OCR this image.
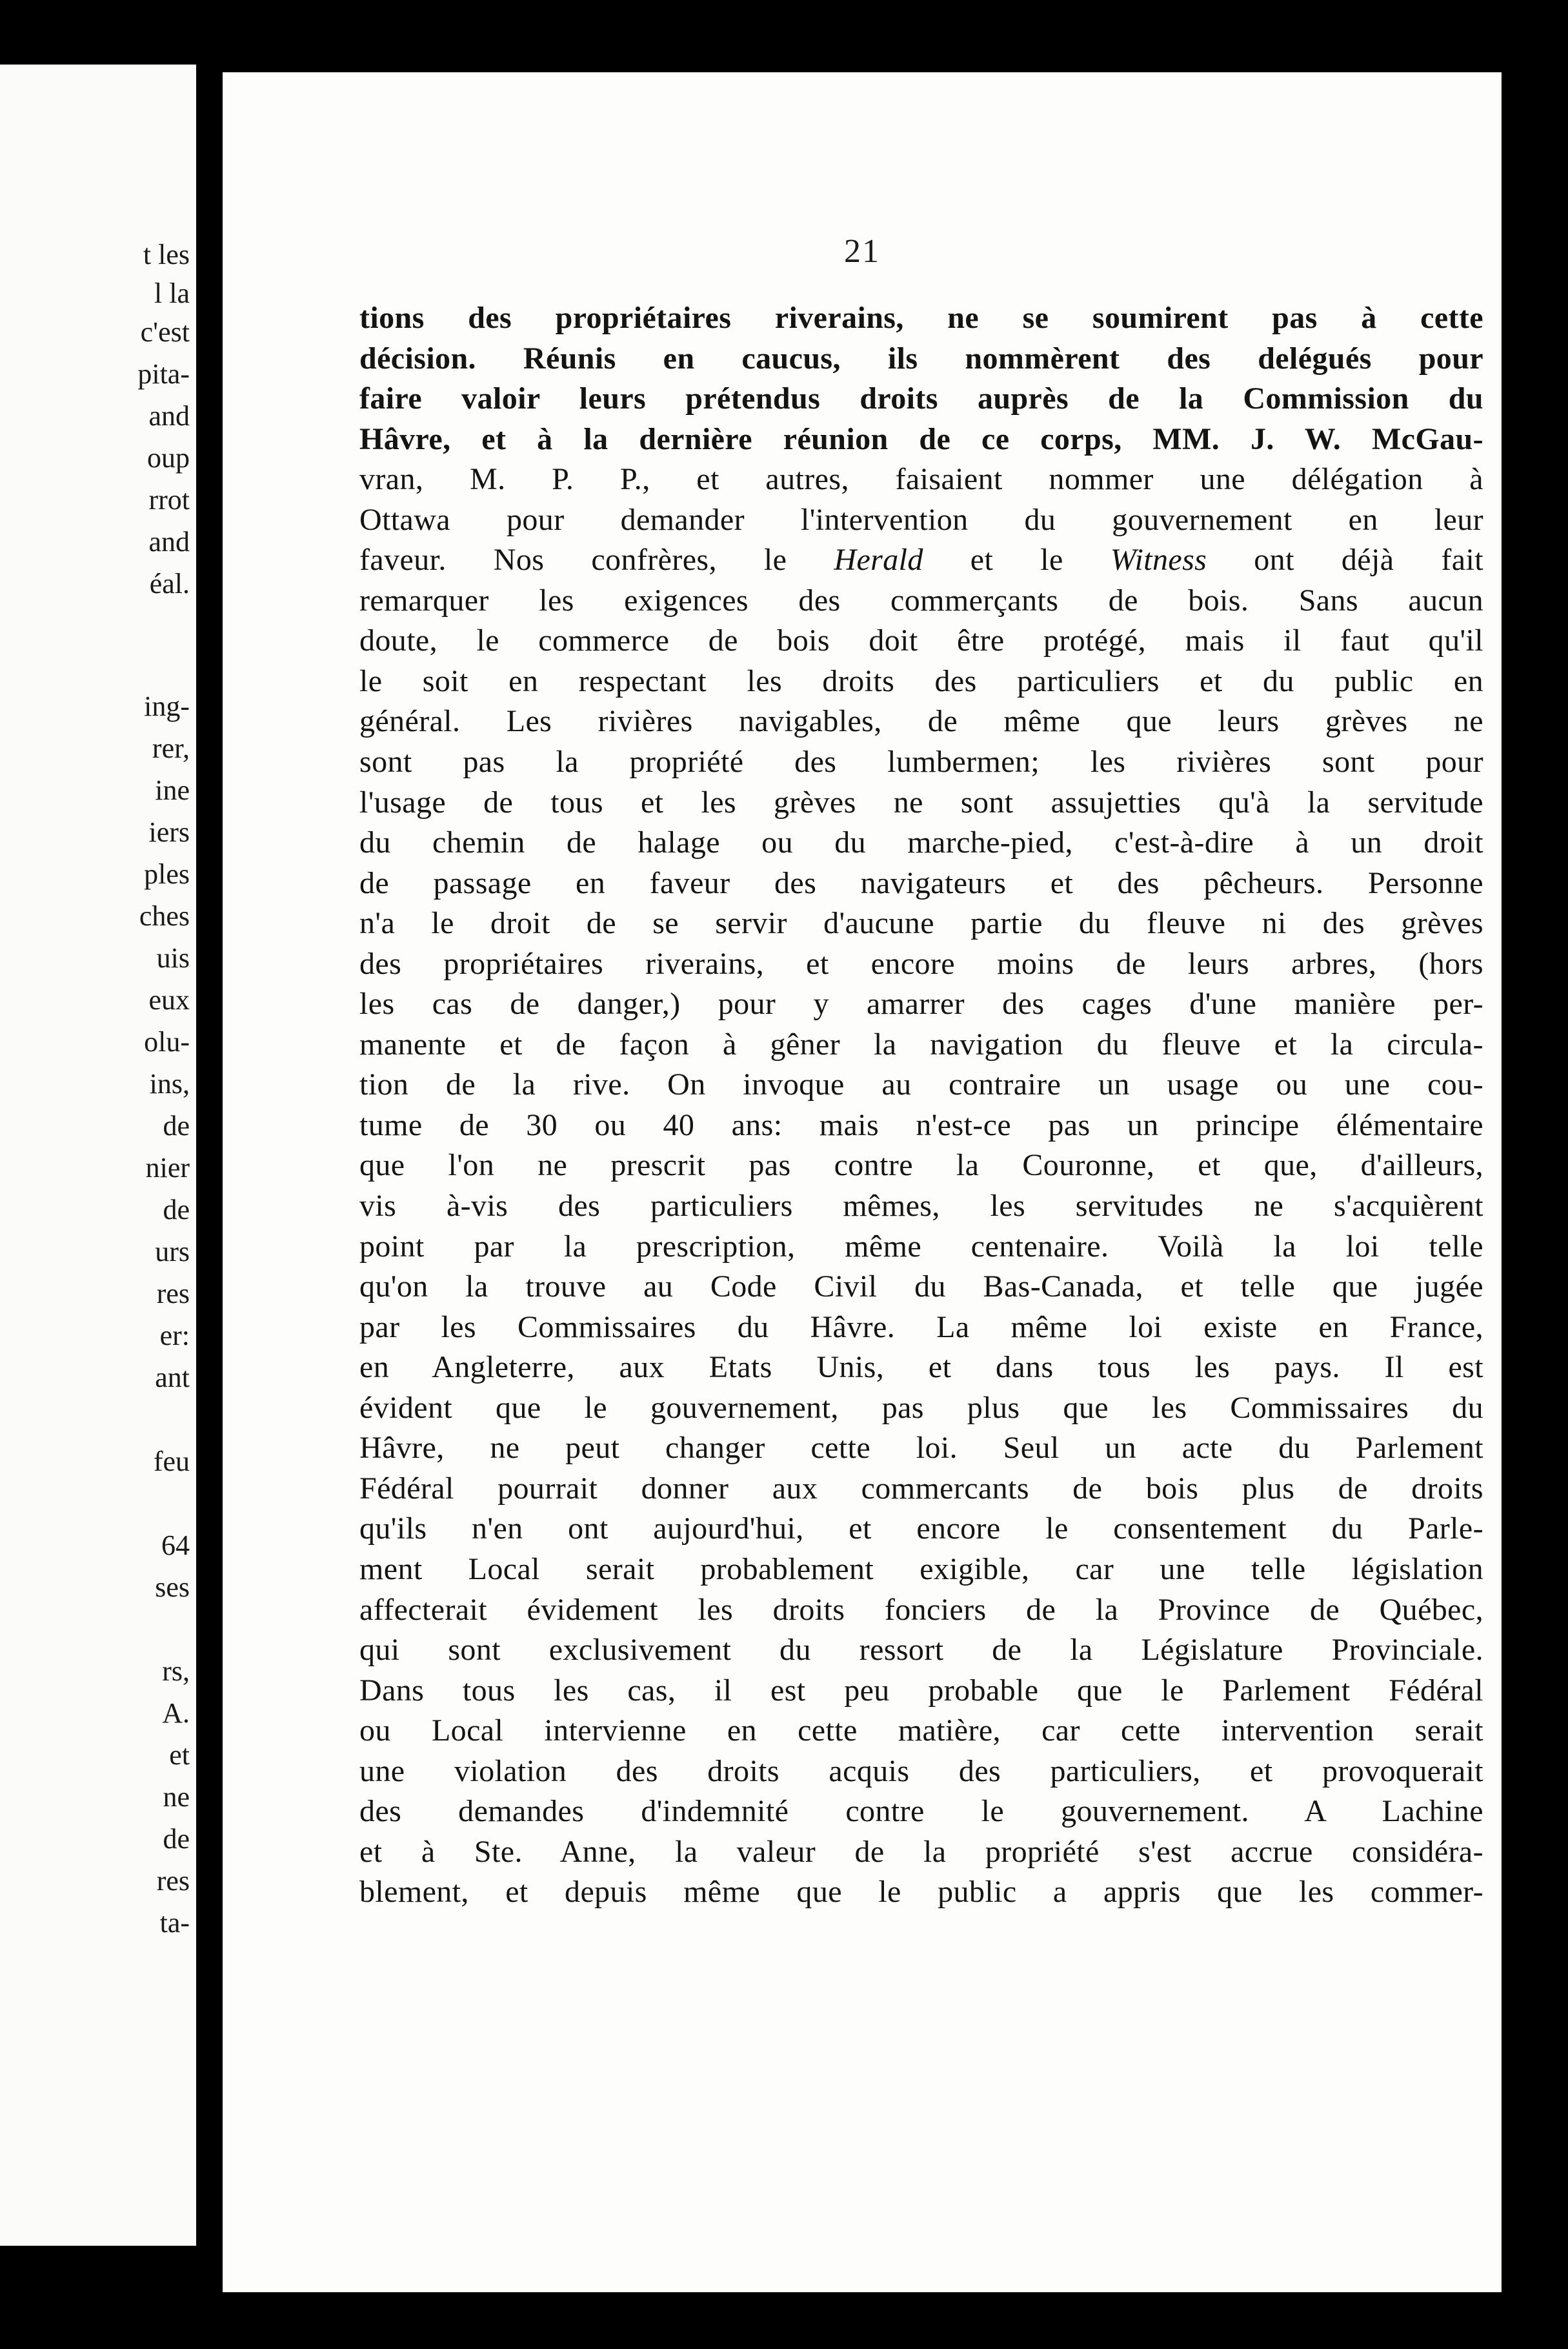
t les
l la
c'est
pita-
and
oup
rrot
and
éal.
ing-
rer,
ine
iers
ples
ches
uis
eux
olu-
ins,
de
nier
de
urs
res
er:
ant
feu
64
ses
rs,
A.
et
ne
de
res
ta-
21
tions des propriétaires riverains, ne se soumirent pas à cette
décision. Réunis en caucus, ils nommèrent des delégués pour
faire valoir leurs prétendus droits auprès de la Commission du
Hâvre, et à la dernière réunion de ce corps, MM. J. W. McGau-
vran, M. P. P., et autres, faisaient nommer une délégation à
Ottawa pour demander l'intervention du gouvernement en leur
faveur. Nos confrères, le Herald et le Witness ont déjà fait
remarquer les exigences des commerçants de bois. Sans aucun
doute, le commerce de bois doit être protégé, mais il faut qu'il
le soit en respectant les droits des particuliers et du public en
général. Les rivières navigables, de même que leurs grèves ne
sont pas la propriété des lumbermen; les rivières sont pour
l'usage de tous et les grèves ne sont assujetties qu'à la servitude
du chemin de halage ou du marche-pied, c'est-à-dire à un droit
de passage en faveur des navigateurs et des pêcheurs. Personne
n'a le droit de se servir d'aucune partie du fleuve ni des grèves
des propriétaires riverains, et encore moins de leurs arbres, (hors
les cas de danger,) pour y amarrer des cages d'une manière per-
manente et de façon à gêner la navigation du fleuve et la circula-
tion de la rive. On invoque au contraire un usage ou une cou-
tume de 30 ou 40 ans: mais n'est-ce pas un principe élémentaire
que l'on ne prescrit pas contre la Couronne, et que, d'ailleurs,
vis à-vis des particuliers mêmes, les servitudes ne s'acquièrent
point par la prescription, même centenaire. Voilà la loi telle
qu'on la trouve au Code Civil du Bas-Canada, et telle que jugée
par les Commissaires du Hâvre. La même loi existe en France,
en Angleterre, aux Etats Unis, et dans tous les pays. Il est
évident que le gouvernement, pas plus que les Commissaires du
Hâvre, ne peut changer cette loi. Seul un acte du Parlement
Fédéral pourrait donner aux commercants de bois plus de droits
qu'ils n'en ont aujourd'hui, et encore le consentement du Parle-
ment Local serait probablement exigible, car une telle législation
affecterait évidement les droits fonciers de la Province de Québec,
qui sont exclusivement du ressort de la Législature Provinciale.
Dans tous les cas, il est peu probable que le Parlement Fédéral
ou Local intervienne en cette matière, car cette intervention serait
une violation des droits acquis des particuliers, et provoquerait
des demandes d'indemnité contre le gouvernement. A Lachine
et à Ste. Anne, la valeur de la propriété s'est accrue considéra-
blement, et depuis même que le public a appris que les commer-
